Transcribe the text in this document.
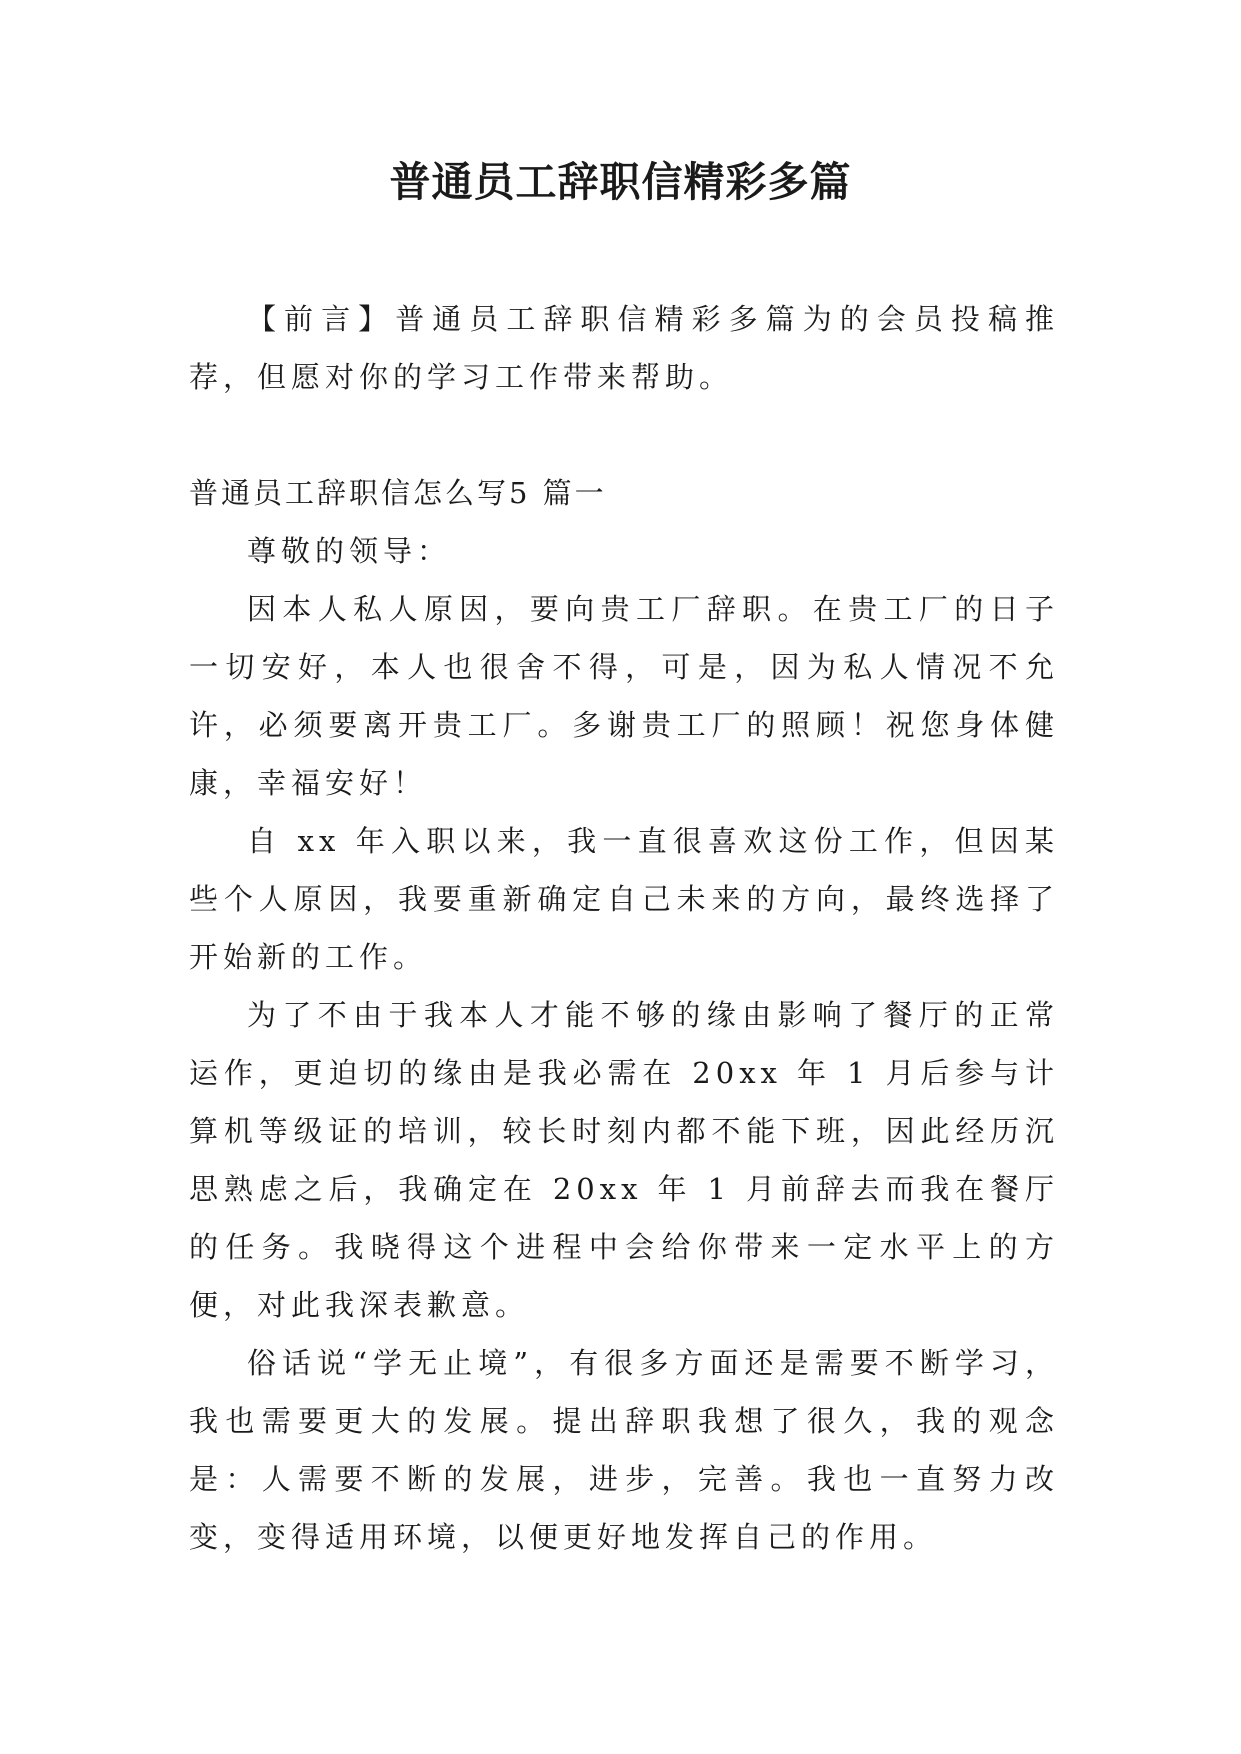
普通员工辞职信精彩多篇

【前言】普通员工辞职信精彩多篇为的会员投稿推荐，但愿对你的学习工作带来帮助。

普通员工辞职信怎么写5 篇一

尊敬的领导：

因本人私人原因，要向贵工厂辞职。在贵工厂的日子一切安好，本人也很舍不得，可是，因为私人情况不允许，必须要离开贵工厂。多谢贵工厂的照顾！祝您身体健康，幸福安好！

自 xx 年入职以来，我一直很喜欢这份工作，但因某些个人原因，我要重新确定自己未来的方向，最终选择了开始新的工作。

为了不由于我本人才能不够的缘由影响了餐厅的正常运作，更迫切的缘由是我必需在 20xx 年 1 月后参与计算机等级证的培训，较长时刻内都不能下班，因此经历沉思熟虑之后，我确定在 20xx 年 1 月前辞去而我在餐厅的任务。我晓得这个进程中会给你带来一定水平上的方便，对此我深表歉意。

俗话说“学无止境”，有很多方面还是需要不断学习，我也需要更大的发展。提出辞职我想了很久，我的观念是：人需要不断的发展，进步，完善。我也一直努力改变，变得适用环境，以便更好地发挥自己的作用。
